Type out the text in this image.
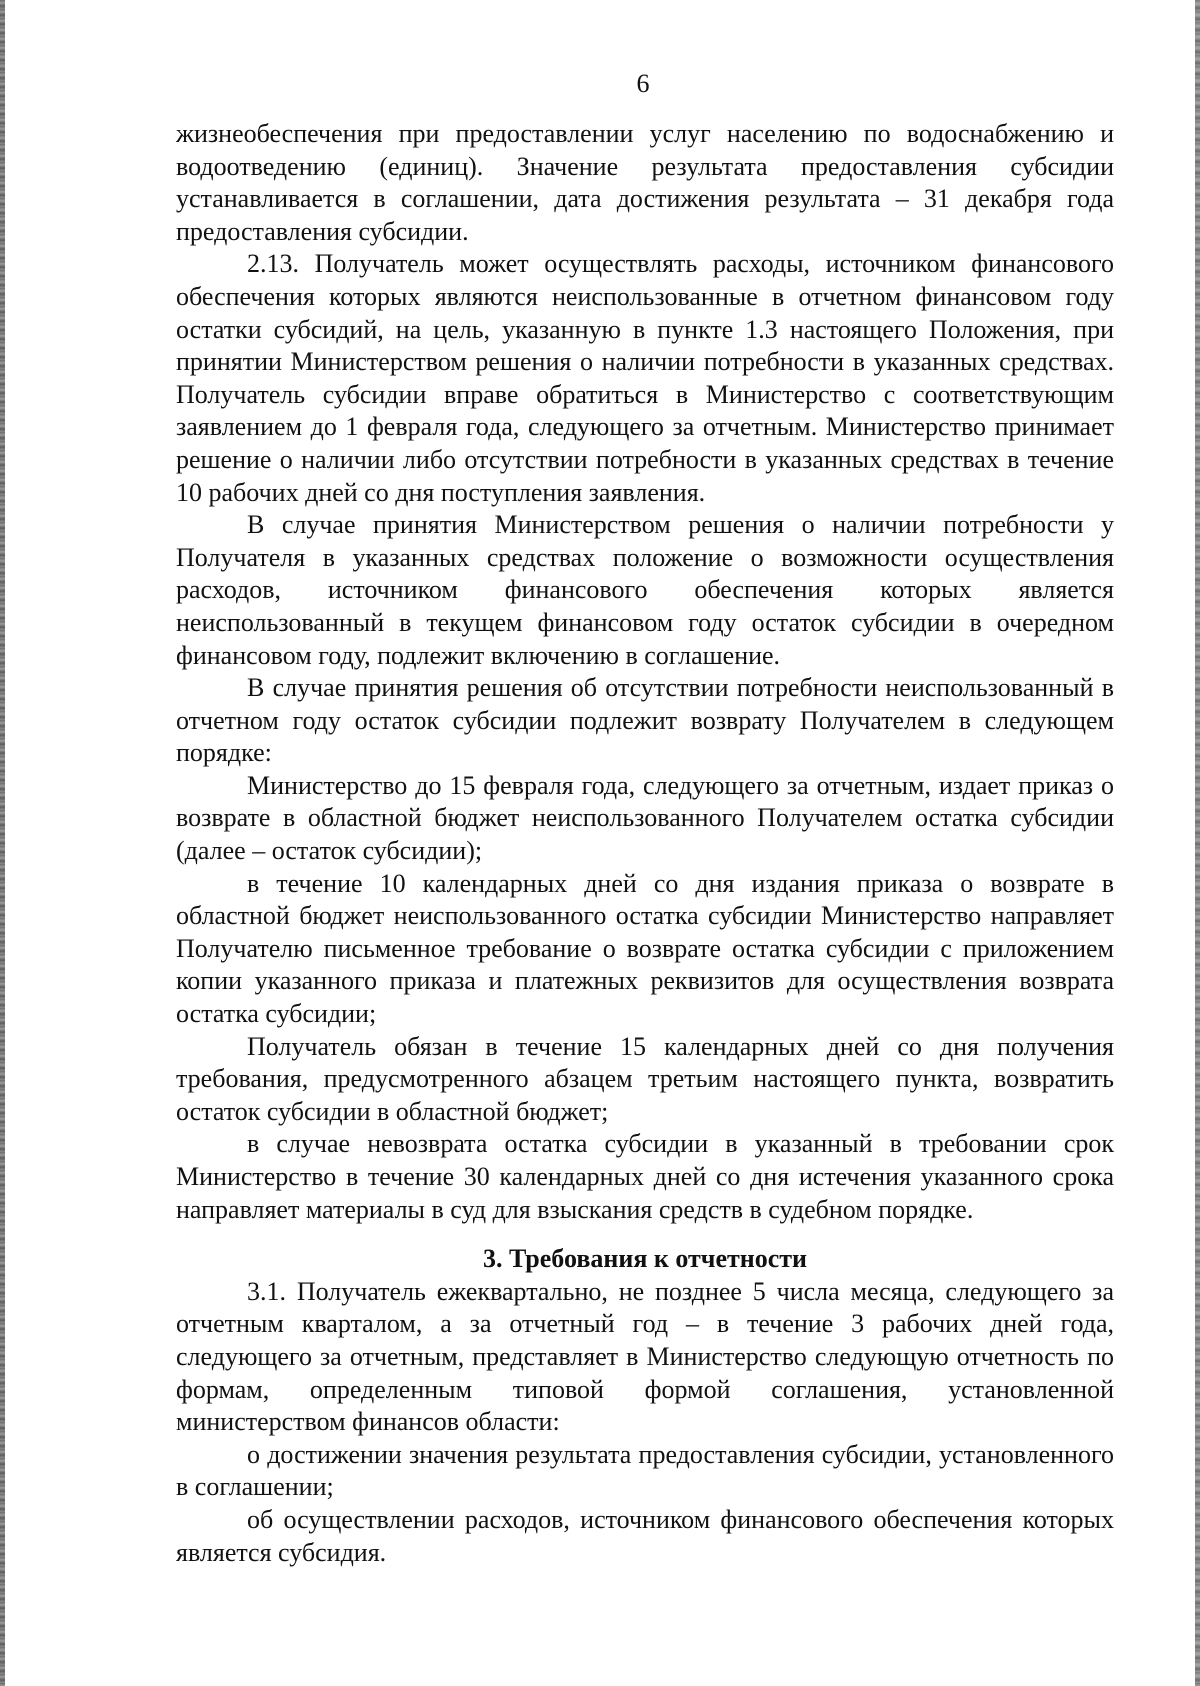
6

жизнеобеспечения при предоставлении услуг населению по водоснабжению и водоотведению (единиц). Значение результата предоставления субсидии устанавливается в соглашении, дата достижения результата – 31 декабря года предоставления субсидии.

2.13. Получатель может осуществлять расходы, источником финансового обеспечения которых являются неиспользованные в отчетном финансовом году остатки субсидий, на цель, указанную в пункте 1.3 настоящего Положения, при принятии Министерством решения о наличии потребности в указанных средствах. Получатель субсидии вправе обратиться в Министерство с соответствующим заявлением до 1 февраля года, следующего за отчетным. Министерство принимает решение о наличии либо отсутствии потребности в указанных средствах в течение 10 рабочих дней со дня поступления заявления.

В случае принятия Министерством решения о наличии потребности у Получателя в указанных средствах положение о возможности осуществления расходов, источником финансового обеспечения которых является неиспользованный в текущем финансовом году остаток субсидии в очередном финансовом году, подлежит включению в соглашение.

В случае принятия решения об отсутствии потребности неиспользованный в отчетном году остаток субсидии подлежит возврату Получателем в следующем порядке:

Министерство до 15 февраля года, следующего за отчетным, издает приказ о возврате в областной бюджет неиспользованного Получателем остатка субсидии (далее – остаток субсидии);

в течение 10 календарных дней со дня издания приказа о возврате в областной бюджет неиспользованного остатка субсидии Министерство направляет Получателю письменное требование о возврате остатка субсидии с приложением копии указанного приказа и платежных реквизитов для осуществления возврата остатка субсидии;

Получатель обязан в течение 15 календарных дней со дня получения требования, предусмотренного абзацем третьим настоящего пункта, возвратить остаток субсидии в областной бюджет;

в случае невозврата остатка субсидии в указанный в требовании срок Министерство в течение 30 календарных дней со дня истечения указанного срока направляет материалы в суд для взыскания средств в судебном порядке.

3. Требования к отчетности

3.1. Получатель ежеквартально, не позднее 5 числа месяца, следующего за отчетным кварталом, а за отчетный год – в течение 3 рабочих дней года, следующего за отчетным, представляет в Министерство следующую отчетность по формам, определенным типовой формой соглашения, установленной министерством финансов области:

о достижении значения результата предоставления субсидии, установленного в соглашении;

об осуществлении расходов, источником финансового обеспечения которых является субсидия.
